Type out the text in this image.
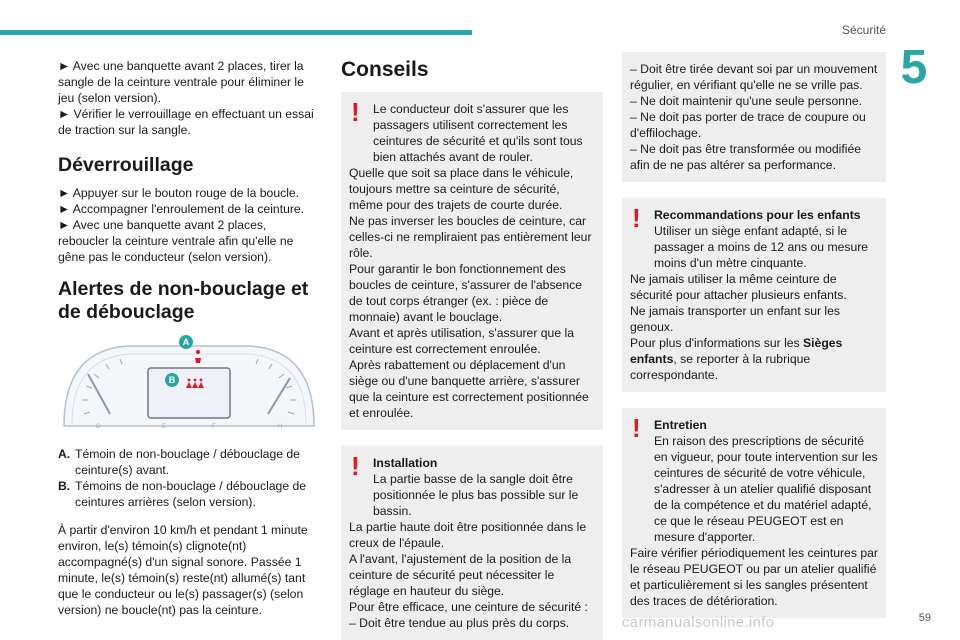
Sécurité
5

► Avec une banquette avant 2 places, tirer la sangle de la ceinture ventrale pour éliminer le jeu (selon version).

► Vérifier le verrouillage en effectuant un essai de traction sur la sangle.

Déverrouillage

► Appuyer sur le bouton rouge de la boucle.

► Accompagner l'enroulement de la ceinture.

► Avec une banquette avant 2 places, reboucler la ceinture ventrale afin qu'elle ne gêne pas le conducteur (selon version).

Alertes de non-bouclage et
de débouclage
E	F
C	H
A
B
A. Témoin de non-bouclage / débouclage de ceinture(s) avant.
B. Témoins de non-bouclage / débouclage de ceintures arrières (selon version).

À partir d'environ 10 km/h et pendant 1 minute environ, le(s) témoin(s) clignote(nt) accompagné(s) d'un signal sonore. Passée 1 minute, le(s) témoin(s) reste(nt) allumé(s) tant que le conducteur ou le(s) passager(s) (selon version) ne boucle(nt) pas la ceinture.

Conseils
!	Le conducteur doit s'assurer que les passagers utilisent correctement les ceintures de sécurité et qu'ils sont tous bien attachés avant de rouler.

Quelle que soit sa place dans le véhicule, toujours mettre sa ceinture de sécurité, même pour des trajets de courte durée.

Ne pas inverser les boucles de ceinture, car celles-ci ne rempliraient pas entièrement leur rôle.

Pour garantir le bon fonctionnement des boucles de ceinture, s'assurer de l'absence de tout corps étranger (ex. : pièce de monnaie) avant le bouclage.

Avant et après utilisation, s'assurer que la ceinture est correctement enroulée.

Après rabattement ou déplacement d'un siège ou d'une banquette arrière, s'assurer que la ceinture est correctement positionnée et enroulée.

!	Installation

La partie basse de la sangle doit être positionnée le plus bas possible sur le bassin.

La partie haute doit être positionnée dans le creux de l'épaule.

A l'avant, l'ajustement de la position de la ceinture de sécurité peut nécessiter le réglage en hauteur du siège.

Pour être efficace, une ceinture de sécurité :

– Doit être tendue au plus près du corps.

– Doit être tirée devant soi par un mouvement régulier, en vérifiant qu'elle ne se vrille pas.

– Ne doit maintenir qu'une seule personne.

– Ne doit pas porter de trace de coupure ou d'effilochage.

– Ne doit pas être transformée ou modifiée afin de ne pas altérer sa performance.

!	Recommandations pour les enfants

Utiliser un siège enfant adapté, si le passager a moins de 12 ans ou mesure moins d'un mètre cinquante.

Ne jamais utiliser la même ceinture de sécurité pour attacher plusieurs enfants.

Ne jamais transporter un enfant sur les genoux.

Pour plus d'informations sur les Sièges enfants, se reporter à la rubrique correspondante.

!	Entretien

En raison des prescriptions de sécurité en vigueur, pour toute intervention sur les ceintures de sécurité de votre véhicule, s'adresser à un atelier qualifié disposant de la compétence et du matériel adapté, ce que le réseau PEUGEOT est en mesure d'apporter.

Faire vérifier périodiquement les ceintures par le réseau PEUGEOT ou par un atelier qualifié et particulièrement si les sangles présentent des traces de détérioration.

carmanualsonline.info	59
